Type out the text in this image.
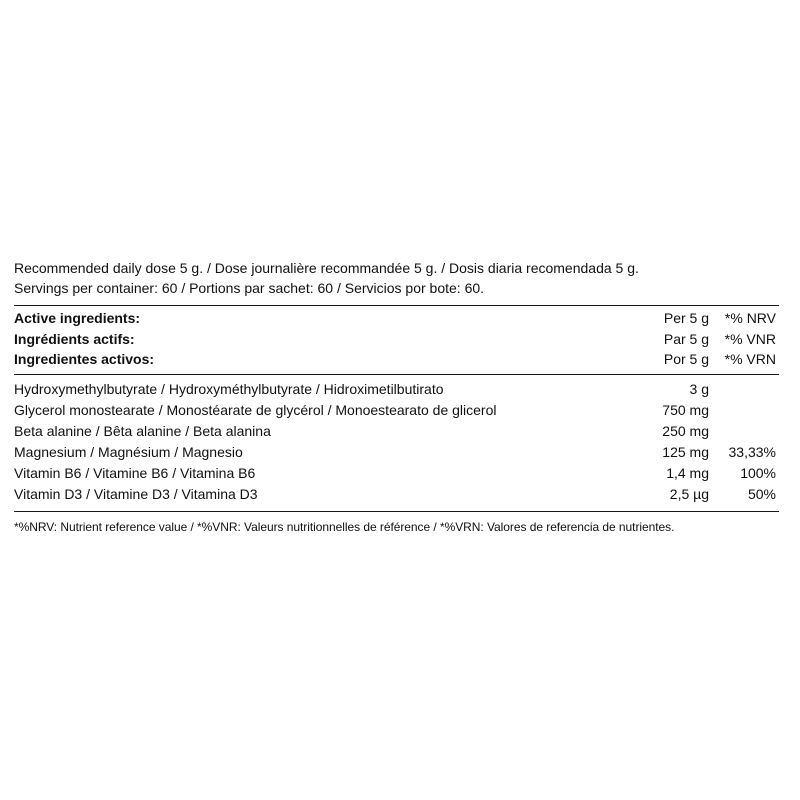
Recommended daily dose 5 g. / Dose journalière recommandée 5 g. / Dosis diaria recomendada 5 g.
Servings per container: 60 / Portions par sachet: 60 / Servicios por bote: 60.
Active ingredients:	Per 5 g *% NRV
Ingrédients actifs:	Par 5 g *% VNR
Ingredientes activos:	Por 5 g *% VRN
Hydroxymethylbutyrate / Hydroxyméthylbutyrate / Hidroximetilbutirato	3 g
Glycerol monostearate / Monostéarate de glycérol / Monoestearato de glicerol	750 mg
Beta alanine / Bêta alanine / Beta alanina	250 mg
Magnesium / Magnésium / Magnesio	125 mg 33,33%
Vitamin B6 / Vitamine B6 / Vitamina B6	1,4 mg 100%
Vitamin D3 / Vitamine D3 / Vitamina D3	2,5 µg	50%
*%NRV: Nutrient reference value / *%VNR: Valeurs nutritionnelles de référence / *%VRN: Valores de referencia de nutrientes.
